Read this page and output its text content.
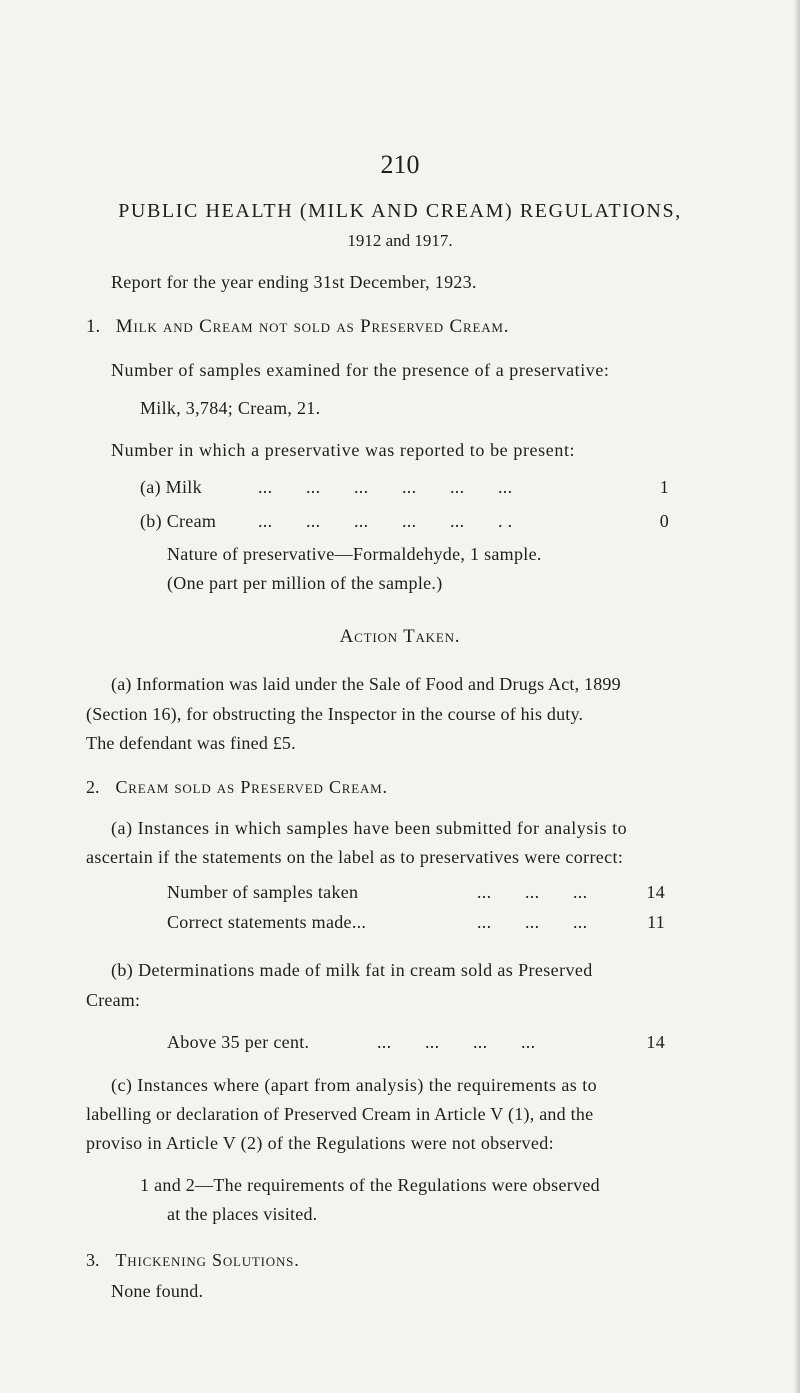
210
PUBLIC HEALTH (MILK AND CREAM) REGULATIONS,
1912 and 1917.
Report for the year ending 31st December, 1923.
1. Milk and Cream not sold as Preserved Cream.
Number of samples examined for the presence of a preservative:
Milk, 3,784; Cream, 21.
Number in which a preservative was reported to be present:
(a) Milk	...       ...       ...       ...       ...       ...	1
(b) Cream ...       ...       ...       ...       ...       . .	0
Nature of preservative—Formaldehyde, 1 sample.
(One part per million of the sample.)
Action Taken.
(a) Information was laid under the Sale of Food and Drugs Act, 1899
(Section 16), for obstructing the Inspector in the course of his duty.
The defendant was fined £5.
2. Cream sold as Preserved Cream.
(a) Instances in which samples have been submitted for analysis to
ascertain if the statements on the label as to preservatives were correct:
Number of samples taken	...       ...       ...	14
Correct statements made...	...       ...       ...	11
(b) Determinations made of milk fat in cream sold as Preserved
Cream:
Above 35 per cent.	...       ...       ...       ...	14
(c) Instances where (apart from analysis) the requirements as to
labelling or declaration of Preserved Cream in Article V (1), and the
proviso in Article V (2) of the Regulations were not observed:
1 and 2—The requirements of the Regulations were observed
at the places visited.
3. Thickening Solutions.
None found.
